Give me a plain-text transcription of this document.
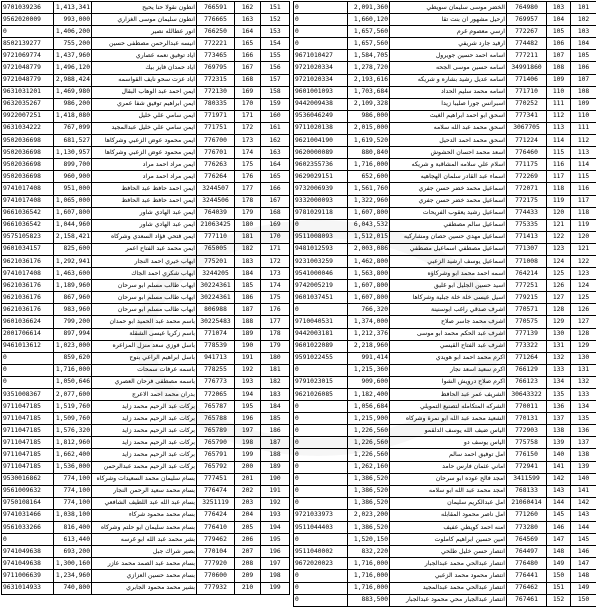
9701039236	1,413,341	انطون نقولا حنا يحيح	766591	162	151
9562020009	993,000	انطون سليمان موسى الغزاري	776665	163	152
0	1,406,200	انور عطالله نصير	766250	164	153
8502139277	755,200	انيسه عبدالرحمن مصطفى حسين	772221	165	154
9721069774	1,437,960	اياد توفيق نعمه عصاري	773465	166	155
9721048779	1,496,120	اياد حمدان فايز بيك	769795	167	156
9721048779	2,988,424	اياد عزت سحو نايف القواسمه	772315	168	157
9631031201	1,469,980	ايمن احمد عبد الوهاب البقال	772130	169	158
9632035267	986,200	ايمن ابراهيم توفيق شفا عمري	780335	170	159
9922007251	1,418,080	ايمن سامي علي خليل	771971	171	160
9631034222	767,099	ايمن سامي علي خليل عبدالمجيد	771751	172	161
9502036698	681,527	ايمن محمود عوض الزعبي وشركاها	776700	173	162
9502036698	1,130,957	ايمن محمود عوض الزعبي وشركاها	776701	174	163
9502036698	899,700	ايمن مراد احمد مراد	776263	175	164
9502036698	960,900	ايمن مراد احمد مراد	776264	176	165
9741017408	951,000	ايمن احمد حافظ عبد الحافظ	3244507	177	166
9741017408	1,065,000	ايمن احمد حافظ عبد الحافظ	3244506	178	167
9661036542	1,607,800	ايمن عبد الهادي شاور	764039	179	168
9661036542	1,044,960	ايمن عبد الهادي شاور	21063425	180	169
9575105823	2,158,421	ايمن فتحي فؤاد السعدي وشركاه	777110	181	170
9601034157	825,600	ايمن محمد عبد الفتاح اعمر	765005	182	171
9621036176	1,292,941	ايهاب خيري احمد النجار	775201	183	172
9741017408	1,463,600	ايهاب شكري احمد الجاك	3244205	184	173
9621036176	1,189,960	ايهاب طالب مسلم ابو سرحان	30224361	185	174
9621036176	867,960	ايهاب طالب مسلم ابو سرحان	30224361	186	175
9621036176	983,960	ايهاب طالب مسلم ابو سرحان	806988	187	176
9601036624	799,200	باسم محمد عبد الحميد ابو حمدان	30225483	188	177
2001706614	897,994	باسم زكريا عيسى الشقلة	771074	189	178
9461013612	1,023,000	باسل فوزي سعد منزل المزاعره	778539	190	179
0	859,620	باسل ابراهيم الراعي بنوح	941713	191	180
0	1,716,000	باسمه عرفات سمحات	778255	192	181
0	1,050,646	باسمه مصطفى فرحان العصري	776773	193	182
9351008367	2,077,600	بدران محمد احمد الاعرج	772065	194	183
9711047185	1,519,760	بركات عبد الرحيم محمد زايد	765787	195	184
9711047185	1,509,760	بركات عبد الرحيم محمد زايد	765788	196	185
9711047185	1,576,320	بركات عبد الرحيم محمد زايد	765789	197	186
9711047185	1,812,960	بركات عبد الرحيم محمد زايد	765790	198	187
9711047185	1,662,400	بركات عبد الرحيم محمد زايد	765791	199	188
9711047185	1,536,000	بركات عبد الرحيم محمد عبدالرحمن	765792	200	189
9530016862	774,100	بسام سليمان محمد السعيدات وشركاه	777451	201	190
9561009632	774,100	بسام محمد سعيد الرحمن النجار	776474	202	191
9750108164	774,100	بسام عبد الله عبد اللطيف الشافعي	3251119	203	192
9741031466	1,038,100	بسام محمد محمود شركاء	776424	204	193
9561033266	816,400	بسام محمد سليمان ابو حلتم وشركاه	776410	205	194
0	613,440	بشر محمد عبد الله ابو غرسه	779462	206	195
9741049638	693,200	بصير شراك جبل	770104	207	196
9741049638	1,300,160	بسام محمد عبد الصمد محمد عازر	777920	208	197
9711006639	1,234,960	بسام محمد حسين العزازي	770600	209	198
9631014933	740,800	بشير محمد محمود الجابري	777932	210	199
0	2,091,360	الخضر موسى سليمان سويطي	764980	103	101
0	1,660,120	ارحيل مشهور ان بنت تقا	769957	104	102
0	1,657,560	ارسي معصوم غرم	772267	105	103
0	1,657,560	ارفيد جارد شريفي	774482	106	104
9671010427	1,584,705	اسامه احمد حسين جويرول	777211	107	105
9721020334	1,278,720	اسامه حسين موسى الجحه	34991860	108	106
9721020334	2,193,616	اسامه عديل رشيد بشاره و شريكه	771406	109	107
9601001093	1,703,684	اسامه محمد سليم الحداد	771710	110	108
9442009438	2,109,328	اسبرانس جورا صليبا زيدا	770252	111	109
9536046249	986,000	اسحق ابو احمد ابراهيم الغيث	777341	112	110
9711020138	2,015,000	اسحق محمد عبد الله سلامه	3067705	113	111
9621004190	1,619,520	اسحق محمد احمد الدحيل	771224	114	112
9620000089	880,840	اسعد محمد احسان الحشوش	776460	115	113
9602355736	1,716,000	اسلام علي سلامه المشاقبة و شريكه	771175	116	114
9629029151	652,600	اسماء عبد القادر سلمان الهجاهيه	772269	117	115
9732006939	1,561,760	اسماعيل محمد خضر حسن جفري	772071	118	116
9332000093	1,322,960	اسماعيل محمد خضر حسن جفري	772175	119	117
9781029118	1,607,800	اسماعيل رشيد يعقوب الفريحات	774433	120	118
0	6,043,532	اسماعيل سالم مصطفي	775335	121	119
9511008093	1,512,015	اسماعيل مهدي حسين حصان ومشاركيه	771413	122	120
9481012593	2,003,086	اسماعيل مصطفي اسماعيل مصطفي	771307	123	121
9231003259	1,462,800	اسماعيل يوسف ارشيد الزعبي	771008	124	122
9541000046	1,563,800	اسمه احمد محمد ابو وشركاؤه	764214	125	123
9742005219	1,607,800	اسيد حسين الجليل ابو غليق	777251	126	124
9601037451	1,607,800	اسيل عيسى خلة خلة جبلية وشركاها	779215	127	125
0	766,320	اشرف صدقي راغب ابوسنينة	770571	128	126
9710040531	1,374,000	اشرف محمد جاسر صلاح	770575	129	127
9442003181	1,212,376	اشرف عبد الحكم محمد ابو موسى	777139	130	128
9601022089	2,218,960	اشرف عبد الفتاح القيسي	773322	131	129
9591022455	991,414	اكرم محمد احمد ابو هويدي	771264	132	130
0	1,215,360	اكرم سعيد اسعد نجار	766129	133	131
9791023015	909,600	اكرم صلاح درويش الشوا	766123	134	132
9621026085	1,182,400	الشريف عمر عبد الحافظ	30643322	135	133
0	1,056,684	الشركه المتكامله لتصنيع التمويلي	770011	136	134
0	1,215,900	الشعيد محمد عبد الله ابو نمرة وشركاه	770131	137	135
0	1,226,560	الياس ضيف الله يوسف الدلقمو	772903	138	136
0	1,226,560	الياس يوسف دو	775758	139	137
0	1,226,560	امل توفيق احمد سالم	776150	140	138
0	1,262,160	اماني عثمان فارس حامد	772941	141	139
0	1,386,520	امجد فالح عوده ابو سرحان	3411599	142	140
0	1,386,520	امجد محمد عبد الله ابو سلامه	768133	143	141
0	1,386,520	امل عبدالكريم سليمان	21060414	144	142
9721033973	2,023,200	امل ناصر محمود المقابله	771260	145	143
9511044403	1,386,520	امنه احمد كويطي عفيف	773280	146	144
0	1,520,150	امين حسين ابراهيم كاملوت	764569	147	145
9511040002	832,220	انتصار حسن خليل طلحي	764497	148	146
9672020023	1,716,000	انتصار عبدالحي محمد عبدالجبار	776480	149	147
0	1,716,000	انتصار محمود محمد الزعبي	776441	150	148
0	1,716,000	انتصار عبدالحي محمد عبدالمجيد	776462	151	149
0	883,500	انتصار عبدالجبار محي محمود عبدالجبار	767461	152	150
